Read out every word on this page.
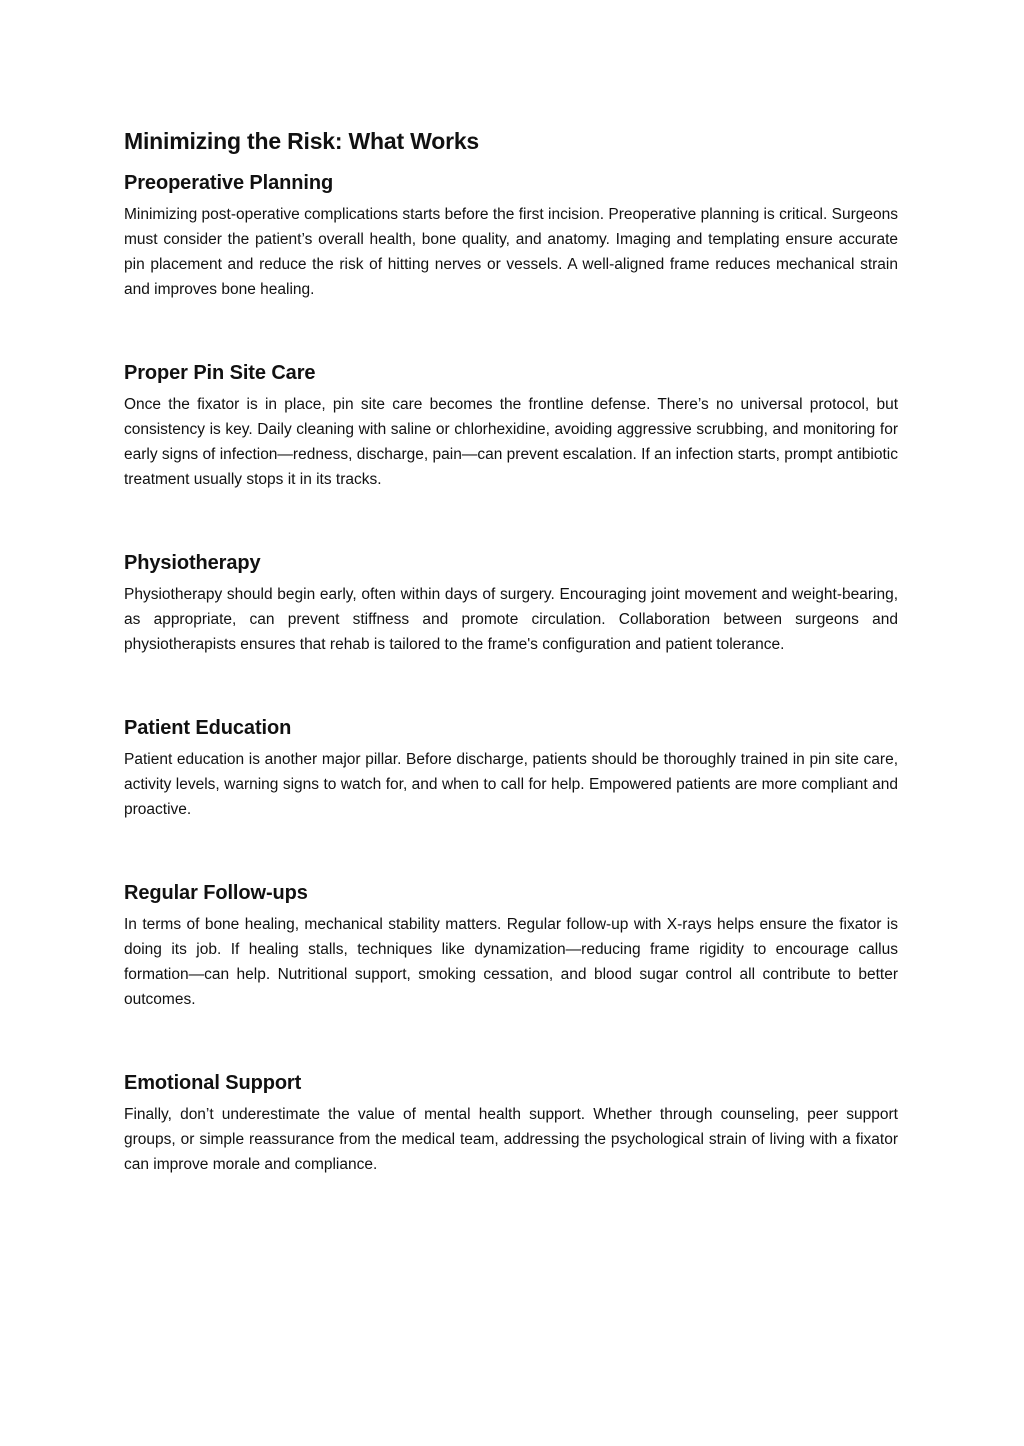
Minimizing the Risk: What Works
Preoperative Planning

Minimizing post-operative complications starts before the first incision. Preoperative planning is critical. Surgeons must consider the patient’s overall health, bone quality, and anatomy. Imaging and templating ensure accurate pin placement and reduce the risk of hitting nerves or vessels. A well-aligned frame reduces mechanical strain and improves bone healing.

Proper Pin Site Care

Once the fixator is in place, pin site care becomes the frontline defense. There’s no universal protocol, but consistency is key. Daily cleaning with saline or chlorhexidine, avoiding aggressive scrubbing, and monitoring for early signs of infection—redness, discharge, pain—can prevent escalation. If an infection starts, prompt antibiotic treatment usually stops it in its tracks.

Physiotherapy

Physiotherapy should begin early, often within days of surgery. Encouraging joint movement and weight-bearing, as appropriate, can prevent stiffness and promote circulation. Collaboration between surgeons and physiotherapists ensures that rehab is tailored to the frame's configuration and patient tolerance.

Patient Education

Patient education is another major pillar. Before discharge, patients should be thoroughly trained in pin site care, activity levels, warning signs to watch for, and when to call for help. Empowered patients are more compliant and proactive.

Regular Follow-ups

In terms of bone healing, mechanical stability matters. Regular follow-up with X-rays helps ensure the fixator is doing its job. If healing stalls, techniques like dynamization—reducing frame rigidity to encourage callus formation—can help. Nutritional support, smoking cessation, and blood sugar control all contribute to better outcomes.

Emotional Support

Finally, don’t underestimate the value of mental health support. Whether through counseling, peer support groups, or simple reassurance from the medical team, addressing the psychological strain of living with a fixator can improve morale and compliance.
